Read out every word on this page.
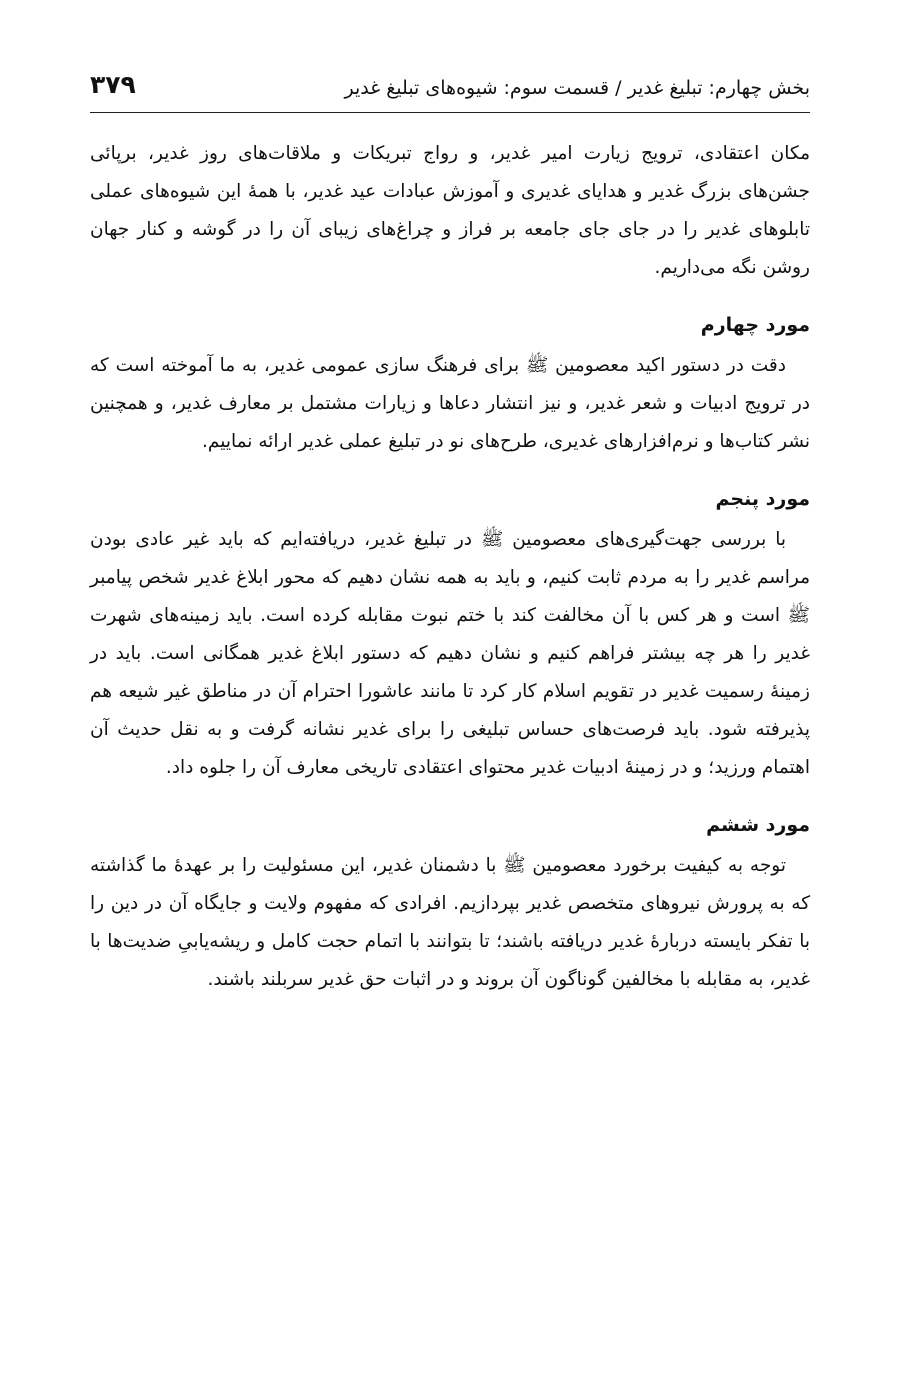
بخش چهارم: تبلیغ غدیر / قسمت سوم: شیوه‌های تبلیغ غدیر
۳۷۹

مکان اعتقادی، ترویج زیارت امیر غدیر، و رواج تبریکات و ملاقات‌های روز غدیر، برپائی جشن‌های بزرگ غدیر و هدایای غدیری و آموزش عبادات عید غدیر، با همهٔ این شیوه‌های عملی تابلوهای غدیر را در جای جای جامعه بر فراز و چراغ‌های زیبای آن را در گوشه و کنار جهان روشن نگه می‌داریم.

مورد چهارم

دقت در دستور اکید معصومین ﷺ برای فرهنگ سازی عمومی غدیر، به ما آموخته است که در ترویج ادبیات و شعر غدیر، و نیز انتشار دعاها و زیارات مشتمل بر معارف غدیر، و همچنین نشر کتاب‌ها و نرم‌افزارهای غدیری، طرح‌های نو در تبلیغ عملی غدیر ارائه نماییم.

مورد پنجم

با بررسی جهت‌گیری‌های معصومین ﷺ در تبلیغ غدیر، دریافته‌ایم که باید غیر عادی بودن مراسم غدیر را به مردم ثابت کنیم، و باید به همه نشان دهیم که محور ابلاغ غدیر شخص پیامبر ﷺ است و هر کس با آن مخالفت کند با ختم نبوت مقابله کرده است. باید زمینه‌های شهرت غدیر را هر چه بیشتر فراهم کنیم و نشان دهیم که دستور ابلاغ غدیر همگانی است. باید در زمینهٔ رسمیت غدیر در تقویم اسلام کار کرد تا مانند عاشورا احترام آن در مناطق غیر شیعه هم پذیرفته شود. باید فرصت‌های حساس تبلیغی را برای غدیر نشانه گرفت و به نقل حدیث آن اهتمام ورزید؛ و در زمینهٔ ادبیات غدیر محتوای اعتقادی تاریخی معارف آن را جلوه داد.

مورد ششم

توجه به کیفیت برخورد معصومین ﷺ با دشمنان غدیر، این مسئولیت را بر عهدهٔ ما گذاشته که به پرورش نیروهای متخصص غدیر بپردازیم. افرادی که مفهوم ولایت و جایگاه آن در دین را با تفکر بایسته دربارهٔ غدیر دریافته باشند؛ تا بتوانند با اتمام حجت کامل و ریشه‌یابیِ ضدیت‌ها با غدیر، به مقابله با مخالفین گوناگون آن بروند و در اثبات حق غدیر سربلند باشند.
